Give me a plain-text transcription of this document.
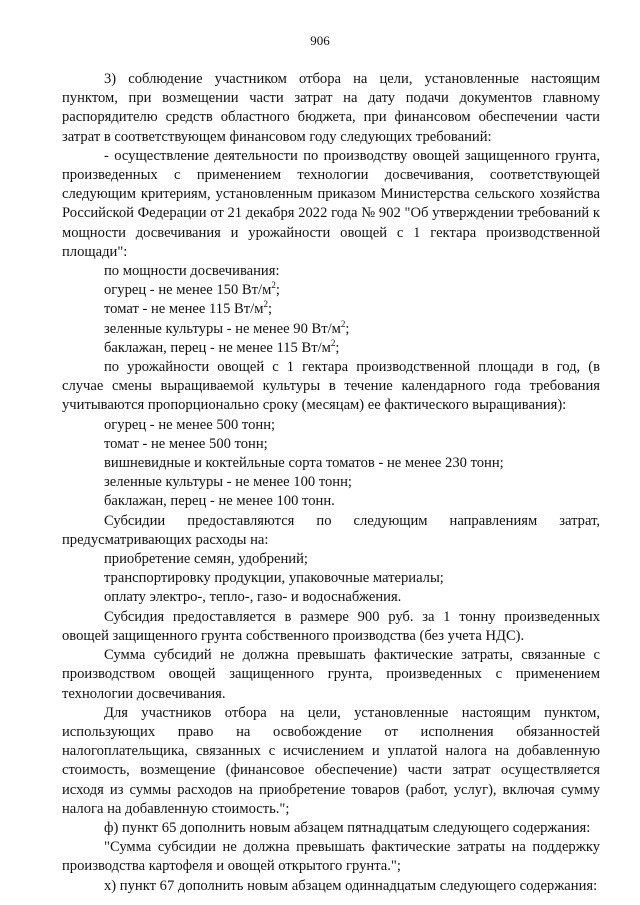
906

3) соблюдение участником отбора на цели, установленные настоящим пунктом, при возмещении части затрат на дату подачи документов главному распорядителю средств областного бюджета, при финансовом обеспечении части затрат в соответствующем финансовом году следующих требований:

- осуществление деятельности по производству овощей защищенного грунта, произведенных с применением технологии досвечивания, соответствующей следующим критериям, установленным приказом Министерства сельского хозяйства Российской Федерации от 21 декабря 2022 года № 902 "Об утверждении требований к мощности досвечивания и урожайности овощей с 1 гектара производственной площади":

по мощности досвечивания:

огурец - не менее 150 $Вт/м^2$;

томат - не менее 115 $Вт/м^2$;

зеленные культуры - не менее 90 $Вт/м^2$;

баклажан, перец - не менее 115 $Вт/м^2$;

по урожайности овощей с 1 гектара производственной площади в год, (в случае смены выращиваемой культуры в течение календарного года требования учитываются пропорционально сроку (месяцам) ее фактического выращивания):

огурец - не менее 500 тонн;

томат - не менее 500 тонн;

вишневидные и коктейльные сорта томатов - не менее 230 тонн;

зеленные культуры - не менее 100 тонн;

баклажан, перец - не менее 100 тонн.

Субсидии предоставляются по следующим направлениям затрат, предусматривающих расходы на:

приобретение семян, удобрений;

транспортировку продукции, упаковочные материалы;

оплату электро-, тепло-, газо- и водоснабжения.

Субсидия предоставляется в размере 900 руб. за 1 тонну произведенных овощей защищенного грунта собственного производства (без учета НДС).

Сумма субсидий не должна превышать фактические затраты, связанные с производством овощей защищенного грунта, произведенных с применением технологии досвечивания.

Для участников отбора на цели, установленные настоящим пунктом, использующих право на освобождение от исполнения обязанностей налогоплательщика, связанных с исчислением и уплатой налога на добавленную стоимость, возмещение (финансовое обеспечение) части затрат осуществляется исходя из суммы расходов на приобретение товаров (работ, услуг), включая сумму налога на добавленную стоимость.";

ф) пункт 65 дополнить новым абзацем пятнадцатым следующего содержания:

"Сумма субсидии не должна превышать фактические затраты на поддержку производства картофеля и овощей открытого грунта.";

х) пункт 67 дополнить новым абзацем одиннадцатым следующего содержания:
